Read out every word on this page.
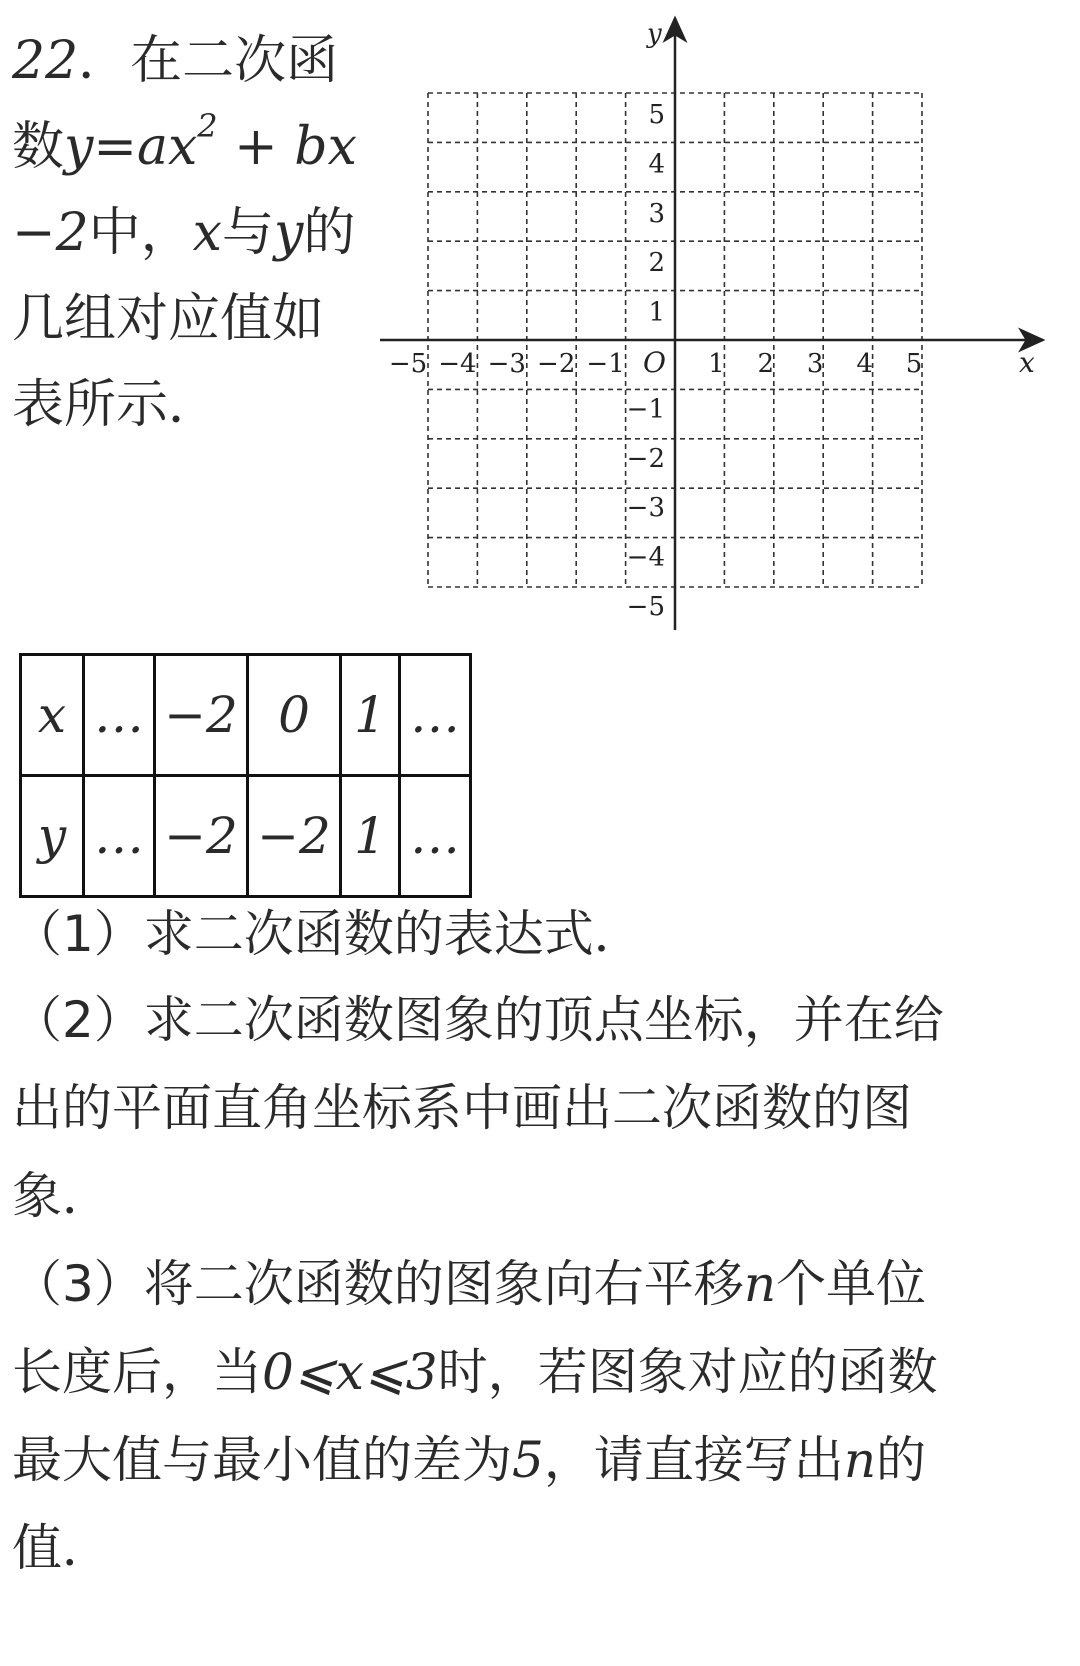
22．在二次函
数$y=ax^2$ + bx
−2中，x与y的
几组对应值如
表所示．
x
y
O
−5 −4 −3 −2 −1	1 2 3 4 5
5
4
3
2
1
−1
−2
−3
−4
−5
x	…	−2	0	1	…
y	…	−2	−2	1	…
（1）求二次函数的表达式．
（2）求二次函数图象的顶点坐标，并在给
出的平面直角坐标系中画出二次函数的图
象．
（3）将二次函数的图象向右平移n个单位
长度后，当0⩽x⩽3时，若图象对应的函数
最大值与最小值的差为5，请直接写出n的
值．
